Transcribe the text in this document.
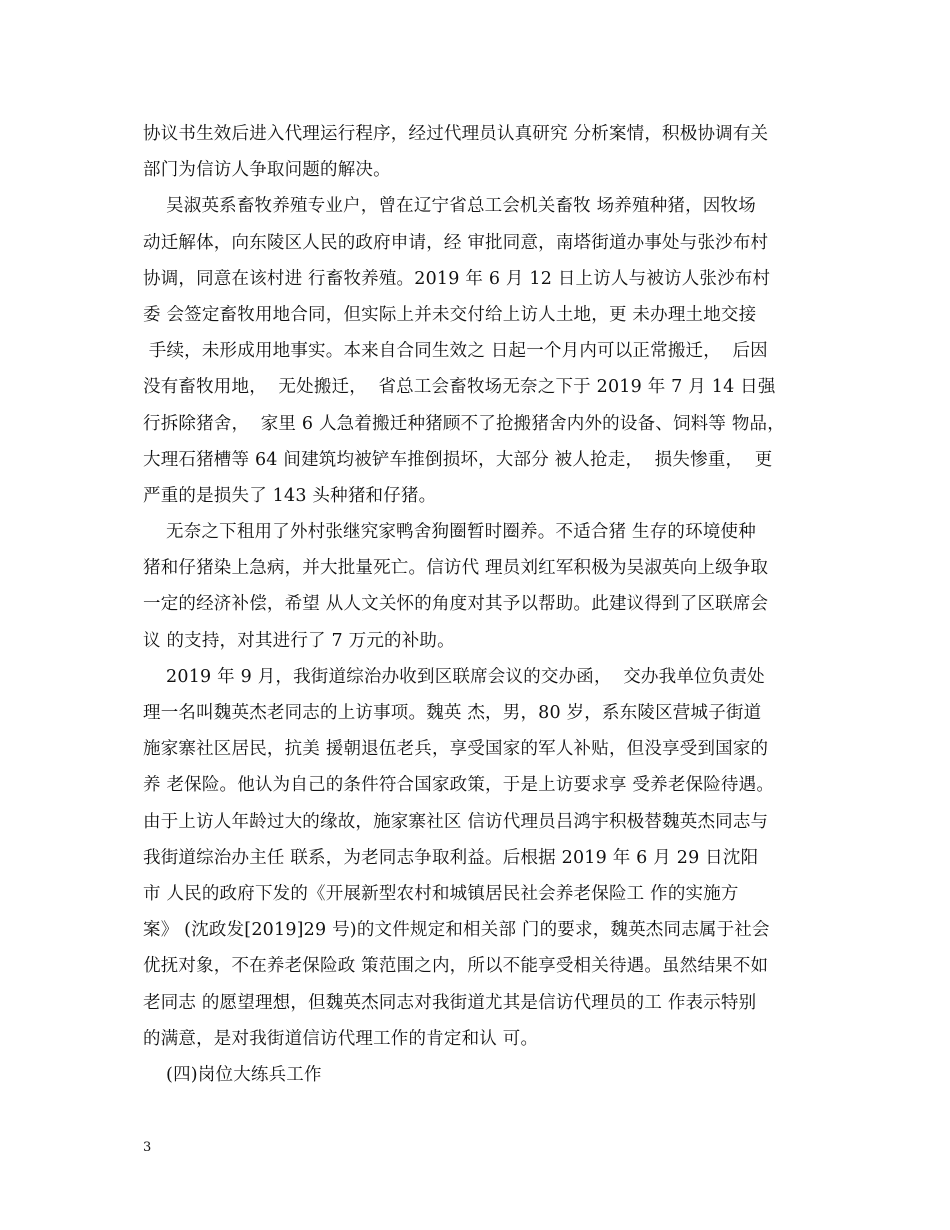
协议书生效后进入代理运行程序，经过代理员认真研究 分析案情，积极协调有关
部门为信访人争取问题的解决。
吴淑英系畜牧养殖专业户，曾在辽宁省总工会机关畜牧 场养殖种猪，因牧场
动迁解体，向东陵区人民的政府申请，经 审批同意，南塔街道办事处与张沙布村
协调，同意在该村进 行畜牧养殖。2019 年 6 月 12 日上访人与被访人张沙布村
委 会签定畜牧用地合同，但实际上并未交付给上访人土地，更 未办理土地交接
手续，未形成用地事实。本来自合同生效之 日起一个月内可以正常搬迁，  后因
没有畜牧用地，  无处搬迁，  省总工会畜牧场无奈之下于 2019 年 7 月 14 日强
行拆除猪舍，  家里 6 人急着搬迁种猪顾不了抢搬猪舍内外的设备、饲料等 物品，
大理石猪槽等 64 间建筑均被铲车推倒损坏，大部分 被人抢走，  损失惨重，  更
严重的是损失了 143 头种猪和仔猪。
无奈之下租用了外村张继究家鸭舍狗圈暂时圈养。不适合猪 生存的环境使种
猪和仔猪染上急病，并大批量死亡。信访代 理员刘红军积极为吴淑英向上级争取
一定的经济补偿，希望 从人文关怀的角度对其予以帮助。此建议得到了区联席会
议 的支持，对其进行了 7 万元的补助。
2019 年 9 月，我街道综治办收到区联席会议的交办函，  交办我单位负责处
理一名叫魏英杰老同志的上访事项。魏英 杰，男，80 岁，系东陵区营城子街道
施家寨社区居民，抗美 援朝退伍老兵，享受国家的军人补贴，但没享受到国家的
养 老保险。他认为自己的条件符合国家政策，于是上访要求享 受养老保险待遇。
由于上访人年龄过大的缘故，施家寨社区 信访代理员吕鸿宇积极替魏英杰同志与
我街道综治办主任 联系，为老同志争取利益。后根据 2019 年 6 月 29 日沈阳
市 人民的政府下发的《开展新型农村和城镇居民社会养老保险工 作的实施方
案》 (沈政发[2019]29 号)的文件规定和相关部 门的要求，魏英杰同志属于社会
优抚对象，不在养老保险政 策范围之内，所以不能享受相关待遇。虽然结果不如
老同志 的愿望理想，但魏英杰同志对我街道尤其是信访代理员的工 作表示特别
的满意，是对我街道信访代理工作的肯定和认 可。
(四)岗位大练兵工作
3
